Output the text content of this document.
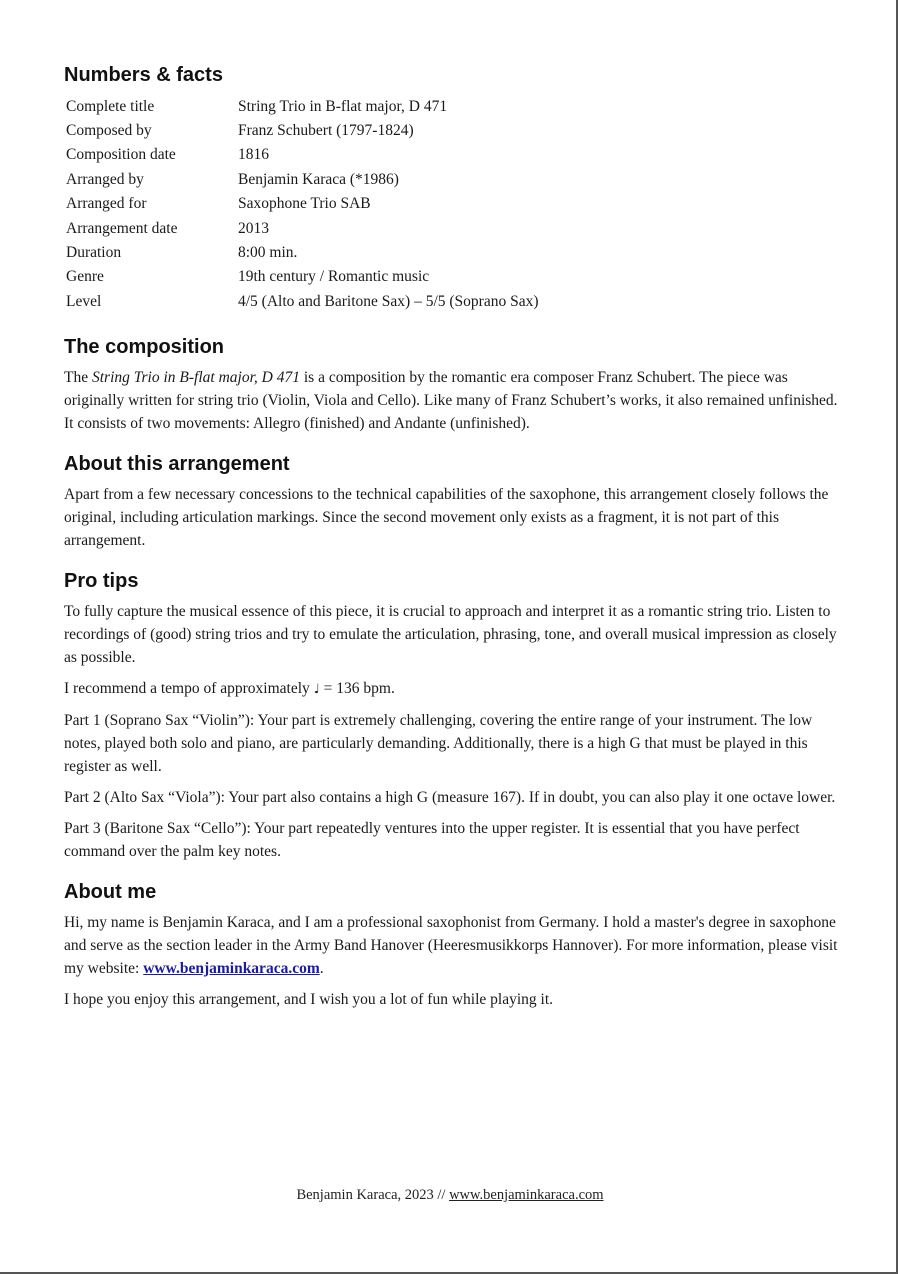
Numbers & facts
Complete title	String Trio in B-flat major, D 471
Composed by	Franz Schubert (1797-1824)
Composition date	1816
Arranged by	Benjamin Karaca (*1986)
Arranged for	Saxophone Trio SAB
Arrangement date	2013
Duration	8:00 min.
Genre	19th century / Romantic music
Level	4/5 (Alto and Baritone Sax) – 5/5 (Soprano Sax)
The composition

The String Trio in B-flat major, D 471 is a composition by the romantic era composer Franz Schubert. The piece was originally written for string trio (Violin, Viola and Cello). Like many of Franz Schubert’s works, it also remained unfinished. It consists of two movements: Allegro (finished) and Andante (unfinished).

About this arrangement

Apart from a few necessary concessions to the technical capabilities of the saxophone, this arrangement closely follows the original, including articulation markings. Since the second movement only exists as a fragment, it is not part of this arrangement.

Pro tips

To fully capture the musical essence of this piece, it is crucial to approach and interpret it as a romantic string trio. Listen to recordings of (good) string trios and try to emulate the articulation, phrasing, tone, and overall musical impression as closely as possible.

I recommend a tempo of approximately ♩ = 136 bpm.

Part 1 (Soprano Sax “Violin”): Your part is extremely challenging, covering the entire range of your instrument. The low notes, played both solo and piano, are particularly demanding. Additionally, there is a high G that must be played in this register as well.

Part 2 (Alto Sax “Viola”): Your part also contains a high G (measure 167). If in doubt, you can also play it one octave lower.

Part 3 (Baritone Sax “Cello”): Your part repeatedly ventures into the upper register. It is essential that you have perfect command over the palm key notes.

About me

Hi, my name is Benjamin Karaca, and I am a professional saxophonist from Germany. I hold a master's degree in saxophone and serve as the section leader in the Army Band Hanover (Heeresmusikkorps Hannover). For more information, please visit my website: www.benjaminkaraca.com.

I hope you enjoy this arrangement, and I wish you a lot of fun while playing it.

Benjamin Karaca, 2023 // www.benjaminkaraca.com
